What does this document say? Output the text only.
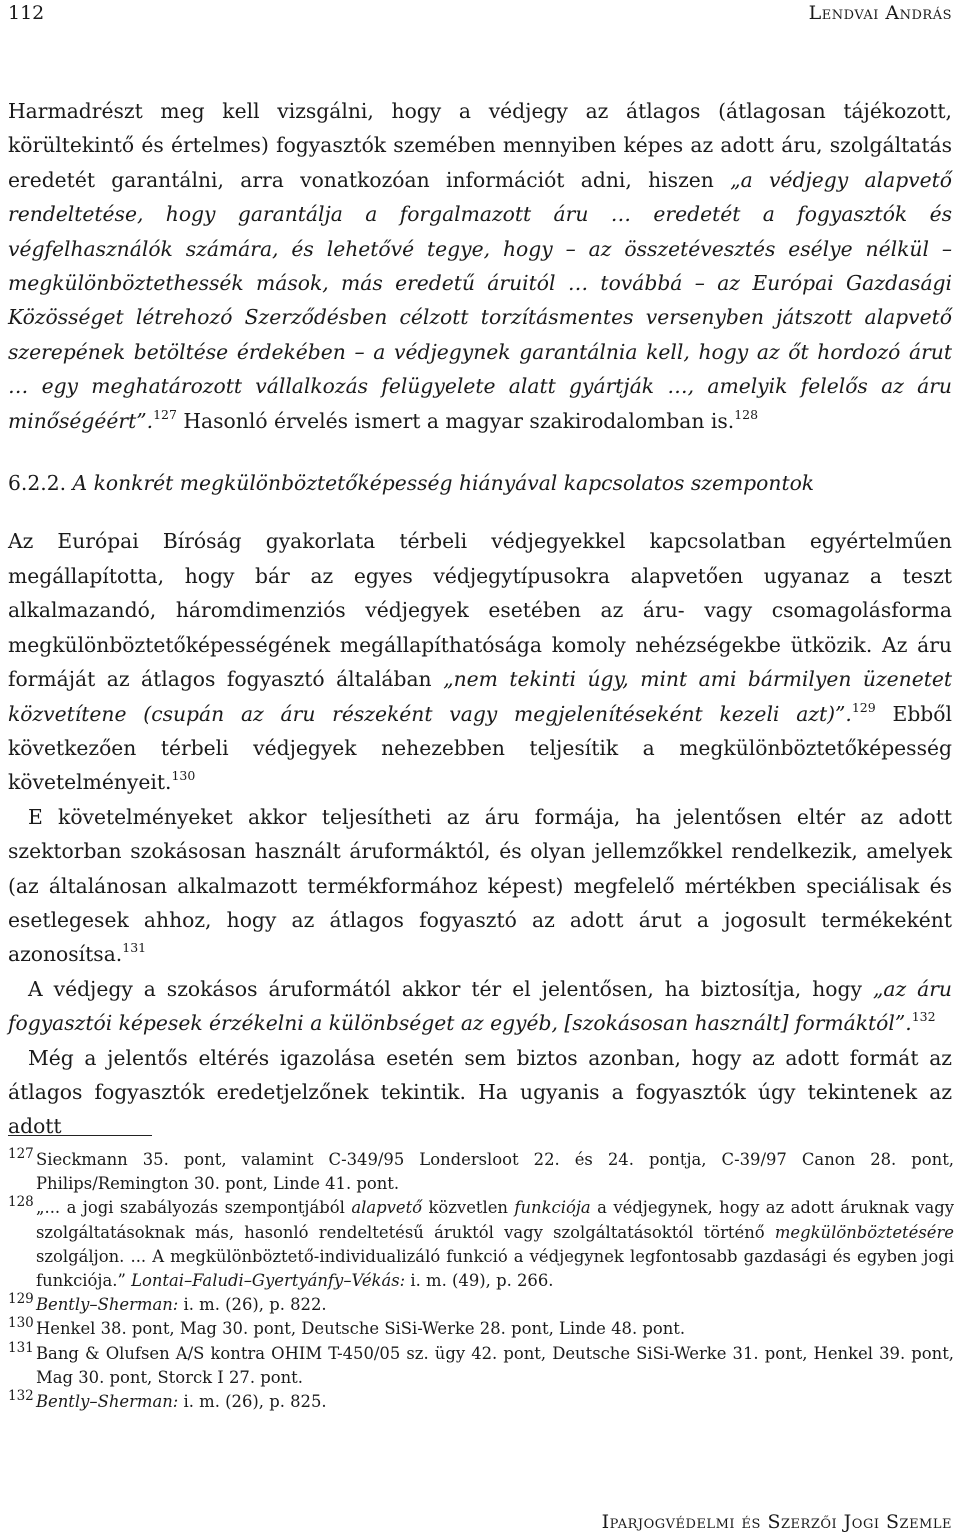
112	Lendvai András

Harmadrészt meg kell vizsgálni, hogy a védjegy az átlagos (átlagosan tájékozott, körültekintő és értelmes) fogyasztók szemében mennyiben képes az adott áru, szolgáltatás eredetét garantálni, arra vonatkozóan információt adni, hiszen „a védjegy alapvető rendeltetése, hogy garantálja a forgalmazott áru … eredetét a fogyasztók és végfelhasználók számára, és lehetővé tegye, hogy – az összetévesztés esélye nélkül – megkülönböztethessék mások, más eredetű áruitól … továbbá – az Európai Gazdasági Közösséget létrehozó Szerződésben célzott torzításmentes versenyben játszott alapvető szerepének betöltése érdekében – a védjegynek garantálnia kell, hogy az őt hordozó árut … egy meghatározott vállalkozás felügyelete alatt gyártják …, amelyik felelős az áru minőségéért”.$^{127}$ Hasonló érvelés ismert a magyar szakirodalomban is.$^{128}$

6.2.2. A konkrét megkülönböztetőképesség hiányával kapcsolatos szempontok

Az Európai Bíróság gyakorlata térbeli védjegyekkel kapcsolatban egyértelműen megállapította, hogy bár az egyes védjegytípusokra alapvetően ugyanaz a teszt alkalmazandó, háromdimenziós védjegyek esetében az áru- vagy csomagolásforma megkülönböztetőképességének megállapíthatósága komoly nehézségekbe ütközik. Az áru formáját az átlagos fogyasztó általában „nem tekinti úgy, mint ami bármilyen üzenetet közvetítene (csupán az áru részeként vagy megjelenítéseként kezeli azt)”.$^{129}$ Ebből következően térbeli védjegyek nehezebben teljesítik a megkülönböztetőképesség követelményeit.$^{130}$

E követelményeket akkor teljesítheti az áru formája, ha jelentősen eltér az adott szektorban szokásosan használt áruformáktól, és olyan jellemzőkkel rendelkezik, amelyek (az általánosan alkalmazott termékformához képest) megfelelő mértékben speciálisak és esetlegesek ahhoz, hogy az átlagos fogyasztó az adott árut a jogosult termékeként azonosítsa.$^{131}$

A védjegy a szokásos áruformától akkor tér el jelentősen, ha biztosítja, hogy „az áru fogyasztói képesek érzékelni a különbséget az egyéb, [szokásosan használt] formáktól”.$^{132}$

Még a jelentős eltérés igazolása esetén sem biztos azonban, hogy az adott formát az átlagos fogyasztók eredetjelzőnek tekintik. Ha ugyanis a fogyasztók úgy tekintenek az adott

127 Sieckmann 35. pont, valamint C-349/95 Londersloot 22. és 24. pontja, C-39/97 Canon 28. pont, Philips/Remington 30. pont, Linde 41. pont.
128 „... a jogi szabályozás szempontjából alapvető közvetlen funkciója a védjegynek, hogy az adott áruknak vagy szolgáltatásoknak más, hasonló rendeltetésű áruktól vagy szolgáltatásoktól történő megkülönböztetésére szolgáljon. ... A megkülönböztető-individualizáló funkció a védjegynek legfontosabb gazdasági és egyben jogi funkciója.” Lontai–Faludi–Gyertyánfy–Vékás: i. m. (49), p. 266.
129 Bently–Sherman: i. m. (26), p. 822.
130 Henkel 38. pont, Mag 30. pont, Deutsche SiSi-Werke 28. pont, Linde 48. pont.
131 Bang & Olufsen A/S kontra OHIM T-450/05 sz. ügy 42. pont, Deutsche SiSi-Werke 31. pont, Henkel 39. pont, Mag 30. pont, Storck I 27. pont.
132 Bently–Sherman: i. m. (26), p. 825.
Iparjogvédelmi és Szerzői Jogi Szemle
